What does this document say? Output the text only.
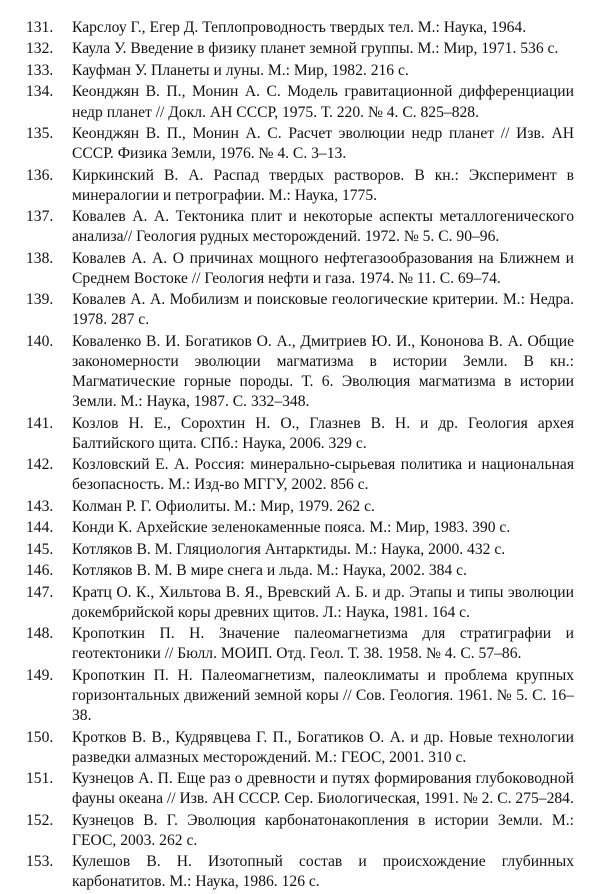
131.	Карслоу Г., Егер Д. Теплопроводность твердых тел. М.: Наука, 1964.
132.	Каула У. Введение в физику планет земной группы. М.: Мир, 1971. 536 с.
133.	Кауфман У. Планеты и луны. М.: Мир, 1982. 216 с.
134.	Кеонджян В. П., Монин А. С. Модель гравитационной дифференциации недр планет // Докл. АН СССР, 1975. Т. 220. № 4. С. 825–828.
135.	Кеонджян В. П., Монин А. С. Расчет эволюции недр планет // Изв. АН СССР. Физика Земли, 1976. № 4. С. 3–13.
136.	Киркинский В. А. Распад твердых растворов. В кн.: Эксперимент в минералогии и петрографии. М.: Наука, 1775.
137.	Ковалев А. А. Тектоника плит и некоторые аспекты металлогенического анализа// Геология рудных месторождений. 1972. № 5. С. 90–96.
138.	Ковалев А. А. О причинах мощного нефтегазообразования на Ближнем и Среднем Востоке // Геология нефти и газа. 1974. № 11. С. 69–74.
139.	Ковалев А. А. Мобилизм и поисковые геологические критерии. М.: Недра. 1978. 287 с.
140.	Коваленко В. И. Богатиков О. А., Дмитриев Ю. И., Кононова В. А. Общие закономерности эволюции магматизма в истории Земли. В кн.: Магматические горные породы. Т. 6. Эволюция магматизма в истории Земли. М.: Наука, 1987. С. 332–348.
141.	Козлов Н. Е., Сорохтин Н. О., Глазнев В. Н. и др. Геология архея Балтийского щита. СПб.: Наука, 2006. 329 с.
142.	Козловский Е. А. Россия: минерально-сырьевая политика и национальная безопасность. М.: Изд-во МГГУ, 2002. 856 с.
143.	Колман Р. Г. Офиолиты. М.: Мир, 1979. 262 с.
144.	Конди К. Архейские зеленокаменные пояса. М.: Мир, 1983. 390 с.
145.	Котляков В. М. Гляциология Антарктиды. М.: Наука, 2000. 432 с.
146.	Котляков В. М. В мире снега и льда. М.: Наука, 2002. 384 с.
147.	Кратц О. К., Хильтова В. Я., Вревский А. Б. и др. Этапы и типы эволюции докембрийской коры древних щитов. Л.: Наука, 1981. 164 с.
148.	Кропоткин П. Н. Значение палеомагнетизма для стратиграфии и геотектоники // Бюлл. МОИП. Отд. Геол. Т. 38. 1958. № 4. С. 57–86.
149.	Кропоткин П. Н. Палеомагнетизм, палеоклиматы и проблема крупных горизонтальных движений земной коры // Сов. Геология. 1961. № 5. С. 16–38.
150.	Кротков В. В., Кудрявцева Г. П., Богатиков О. А. и др. Новые технологии разведки алмазных месторождений. М.: ГЕОС, 2001. 310 с.
151.	Кузнецов А. П. Еще раз о древности и путях формирования глубоководной фауны океана // Изв. АН СССР. Сер. Биологическая, 1991. № 2. С. 275–284.
152.	Кузнецов В. Г. Эволюция карбонатонакопления в истории Земли. М.: ГЕОС, 2003. 262 с.
153.	Кулешов В. Н. Изотопный состав и происхождение глубинных карбонатитов. М.: Наука, 1986. 126 с.
